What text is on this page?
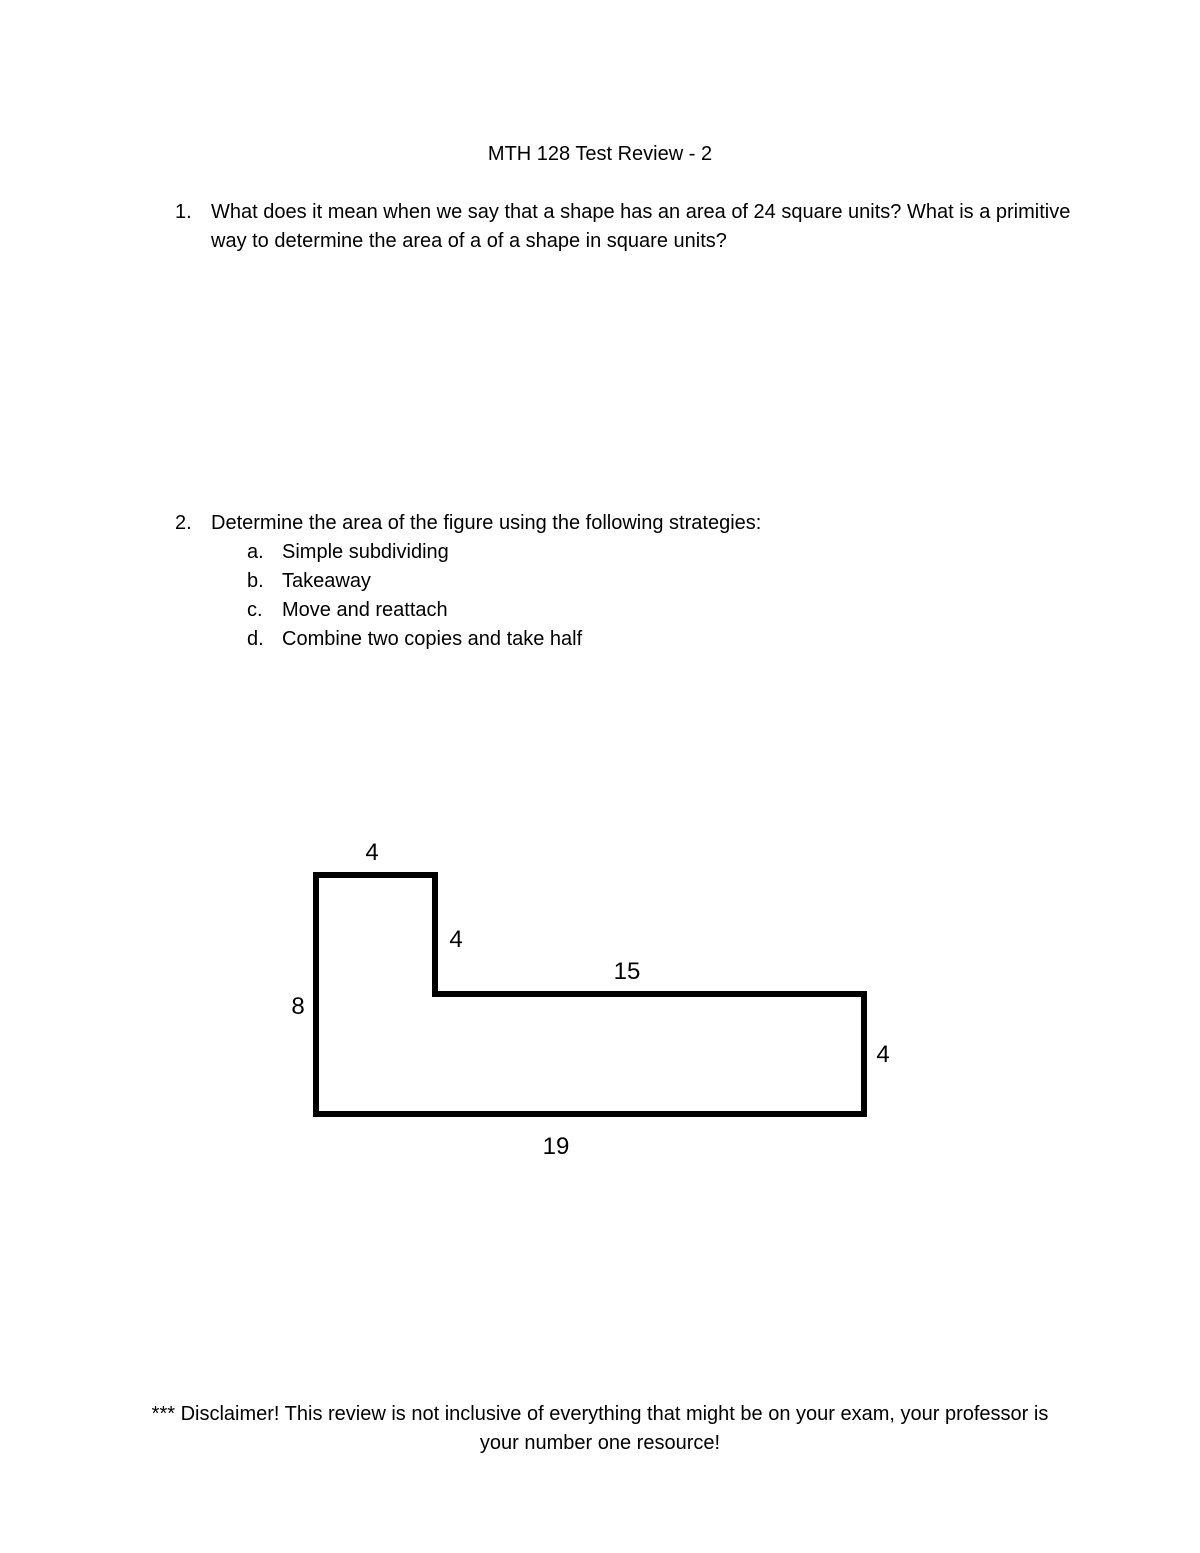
MTH 128 Test Review - 2
1. What does it mean when we say that a shape has an area of 24 square units? What is a primitive way to determine the area of a of a shape in square units?
2. Determine the area of the figure using the following strategies:
a. Simple subdividing
b. Takeaway
c. Move and reattach
d. Combine two copies and take half
4
4
15
8
4
19
*** Disclaimer! This review is not inclusive of everything that might be on your exam, your professor is your number one resource!
